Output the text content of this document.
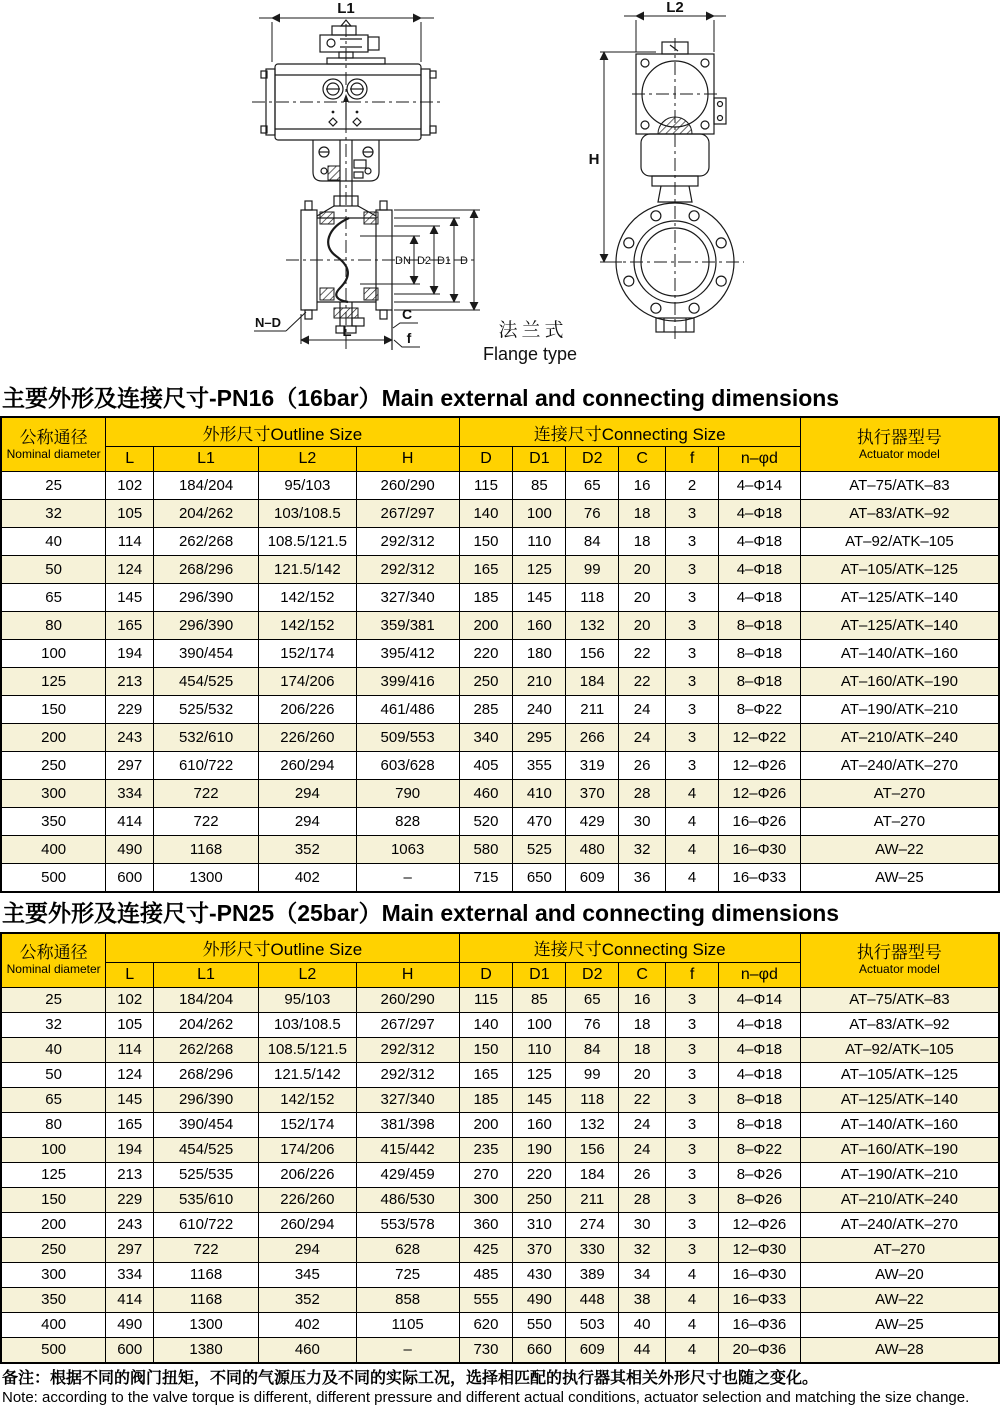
L1
DN D2 D1 D
N–D
L
C
f
L2
H
法兰式
Flange type
主要外形及连接尺寸-PN16（16bar）Main external and connecting dimensions
公称通径
Nominal diameter
	外形尺寸Outline Size	连接尺寸Connecting Size	执行器型号
Actuator model

	L	L1	L2	H	D	D1	D2	C	f	n–φd	
25	102	184/204	95/103	260/290	115	85	65	16	2	4–Φ14	AT–75/ATK–83
32	105	204/262	103/108.5	267/297	140	100	76	18	3	4–Φ18	AT–83/ATK–92
40	114	262/268	108.5/121.5	292/312	150	110	84	18	3	4–Φ18	AT–92/ATK–105
50	124	268/296	121.5/142	292/312	165	125	99	20	3	4–Φ18	AT–105/ATK–125
65	145	296/390	142/152	327/340	185	145	118	20	3	4–Φ18	AT–125/ATK–140
80	165	296/390	142/152	359/381	200	160	132	20	3	8–Φ18	AT–125/ATK–140
100	194	390/454	152/174	395/412	220	180	156	22	3	8–Φ18	AT–140/ATK–160
125	213	454/525	174/206	399/416	250	210	184	22	3	8–Φ18	AT–160/ATK–190
150	229	525/532	206/226	461/486	285	240	211	24	3	8–Φ22	AT–190/ATK–210
200	243	532/610	226/260	509/553	340	295	266	24	3	12–Φ22	AT–210/ATK–240
250	297	610/722	260/294	603/628	405	355	319	26	3	12–Φ26	AT–240/ATK–270
300	334	722	294	790	460	410	370	28	4	12–Φ26	AT–270
350	414	722	294	828	520	470	429	30	4	16–Φ26	AT–270
400	490	1168	352	1063	580	525	480	32	4	16–Φ30	AW–22
500	600	1300	402	–	715	650	609	36	4	16–Φ33	AW–25
主要外形及连接尺寸-PN25（25bar）Main external and connecting dimensions
公称通径
Nominal diameter
	外形尺寸Outline Size	连接尺寸Connecting Size	执行器型号
Actuator model

	L	L1	L2	H	D	D1	D2	C	f	n–φd	
25	102	184/204	95/103	260/290	115	85	65	16	3	4–Φ14	AT–75/ATK–83
32	105	204/262	103/108.5	267/297	140	100	76	18	3	4–Φ18	AT–83/ATK–92
40	114	262/268	108.5/121.5	292/312	150	110	84	18	3	4–Φ18	AT–92/ATK–105
50	124	268/296	121.5/142	292/312	165	125	99	20	3	4–Φ18	AT–105/ATK–125
65	145	296/390	142/152	327/340	185	145	118	22	3	8–Φ18	AT–125/ATK–140
80	165	390/454	152/174	381/398	200	160	132	24	3	8–Φ18	AT–140/ATK–160
100	194	454/525	174/206	415/442	235	190	156	24	3	8–Φ22	AT–160/ATK–190
125	213	525/535	206/226	429/459	270	220	184	26	3	8–Φ26	AT–190/ATK–210
150	229	535/610	226/260	486/530	300	250	211	28	3	8–Φ26	AT–210/ATK–240
200	243	610/722	260/294	553/578	360	310	274	30	3	12–Φ26	AT–240/ATK–270
250	297	722	294	628	425	370	330	32	3	12–Φ30	AT–270
300	334	1168	345	725	485	430	389	34	4	16–Φ30	AW–20
350	414	1168	352	858	555	490	448	38	4	16–Φ33	AW–22
400	490	1300	402	1105	620	550	503	40	4	16–Φ36	AW–25
500	600	1380	460	–	730	660	609	44	4	20–Φ36	AW–28
备注：根据不同的阀门扭矩，不同的气源压力及不同的实际工况，选择相匹配的执行器其相关外形尺寸也随之变化。
Note: according to the valve torque is different, different pressure and different actual conditions, actuator selection and matching the size change.
